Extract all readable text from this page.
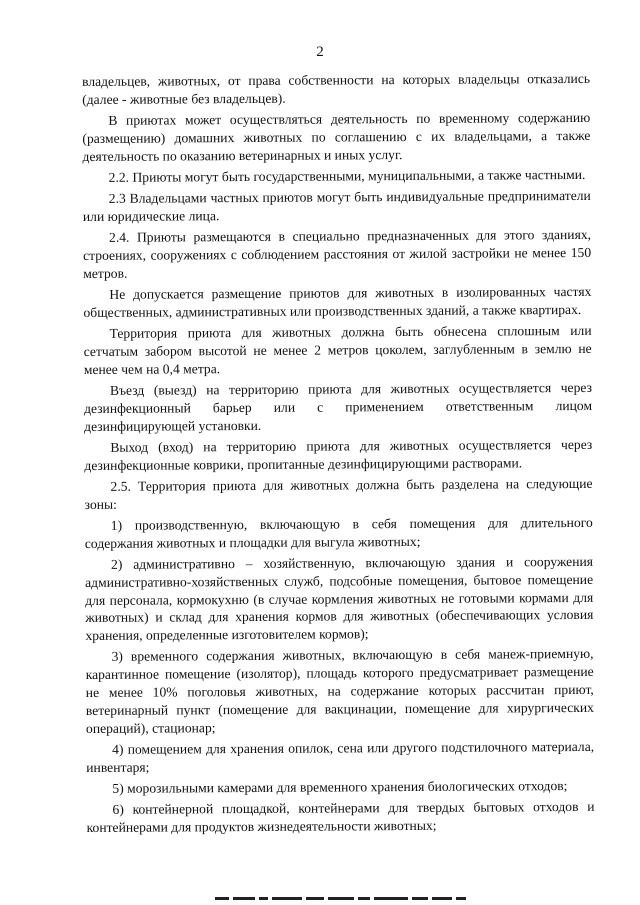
2

владельцев, животных, от права собственности на которых владельцы отказались (далее - животные без владельцев).

В приютах может осуществляться деятельность по временному содержанию (размещению) домашних животных по соглашению с их владельцами, а также деятельность по оказанию ветеринарных и иных услуг.

2.2. Приюты могут быть государственными, муниципальными, а также частными.

2.3 Владельцами частных приютов могут быть индивидуальные предприниматели или юридические лица.

2.4. Приюты размещаются в специально предназначенных для этого зданиях, строениях, сооружениях с соблюдением расстояния от жилой застройки не менее 150 метров.

Не допускается размещение приютов для животных в изолированных частях общественных, административных или производственных зданий, а также квартирах.

Территория приюта для животных должна быть обнесена сплошным или сетчатым забором высотой не менее 2 метров цоколем, заглубленным в землю не менее чем на 0,4 метра.

Въезд (выезд) на территорию приюта для животных осуществляется через дезинфекционный барьер или с применением ответственным лицом дезинфицирующей установки.

Выход (вход) на территорию приюта для животных осуществляется через дезинфекционные коврики, пропитанные дезинфицирующими растворами.

2.5. Территория приюта для животных должна быть разделена на следующие зоны:

1) производственную, включающую в себя помещения для длительного содержания животных и площадки для выгула животных;

2) административно – хозяйственную, включающую здания и сооружения административно-хозяйственных служб, подсобные помещения, бытовое помещение для персонала, кормокухню (в случае кормления животных не готовыми кормами для животных) и склад для хранения кормов для животных (обеспечивающих условия хранения, определенные изготовителем кормов);

3) временного содержания животных, включающую в себя манеж-приемную, карантинное помещение (изолятор), площадь которого предусматривает размещение не менее 10% поголовья животных, на содержание которых рассчитан приют, ветеринарный пункт (помещение для вакцинации, помещение для хирургических операций), стационар;

4) помещением для хранения опилок, сена или другого подстилочного материала, инвентаря;

5) морозильными камерами для временного хранения биологических отходов;

6) контейнерной площадкой, контейнерами для твердых бытовых отходов и контейнерами для продуктов жизнедеятельности животных;
